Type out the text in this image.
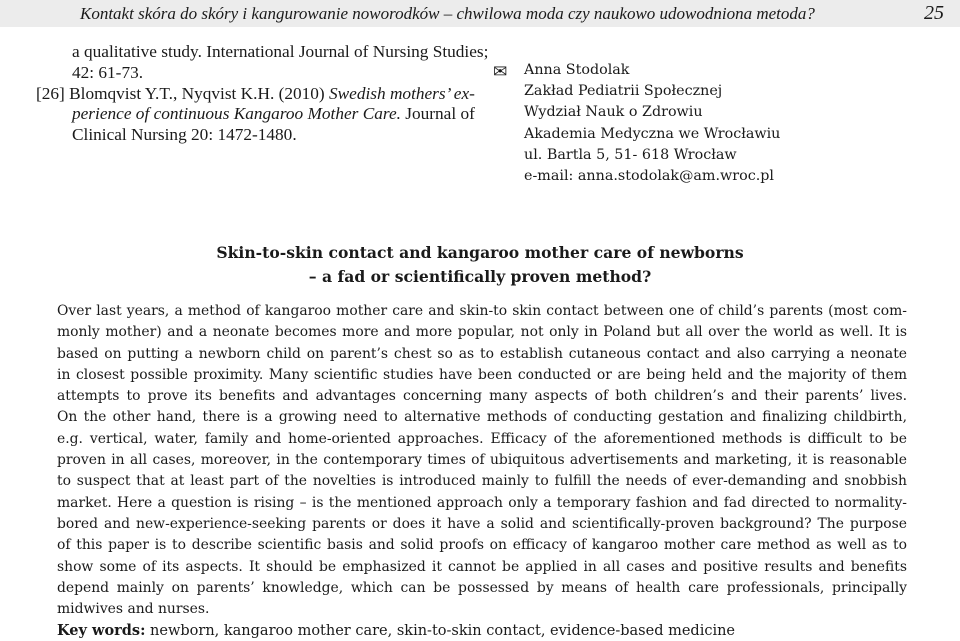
Kontakt skóra do skóry i kangurowanie noworodków – chwilowa moda czy naukowo udowodniona metoda?	25
a qualitative study. International Journal of Nursing Studies;
42: 61-73.
[26] Blomqvist Y.T., Nyqvist K.H. (2010) Swedish mothers’ ex-
perience of continuous Kangaroo Mother Care. Journal of
Clinical Nursing 20: 1472-1480.
✉ Anna Stodolak
Zakład Pediatrii Społecznej
Wydział Nauk o Zdrowiu
Akademia Medyczna we Wrocławiu
ul. Bartla 5, 51- 618 Wrocław
e-mail: anna.stodolak@am.wroc.pl
Skin-to-skin contact and kangaroo mother care of newborns
– a fad or scientifically proven method?
Over last years, a method of kangaroo mother care and skin-to skin contact between one of child’s parents (most com-
monly mother) and a neonate becomes more and more popular, not only in Poland but all over the world as well. It is
based on putting a newborn child on parent’s chest so as to establish cutaneous contact and also carrying a neonate
in closest possible proximity. Many scientific studies have been conducted or are being held and the majority of them
attempts to prove its benefits and advantages concerning many aspects of both children’s and their parents’ lives.
On the other hand, there is a growing need to alternative methods of conducting gestation and finalizing childbirth,
e.g. vertical, water, family and home-oriented approaches. Efficacy of the aforementioned methods is difficult to be
proven in all cases, moreover, in the contemporary times of ubiquitous advertisements and marketing, it is reasonable
to suspect that at least part of the novelties is introduced mainly to fulfill the needs of ever-demanding and snobbish
market. Here a question is rising – is the mentioned approach only a temporary fashion and fad directed to normality-
bored and new-experience-seeking parents or does it have a solid and scientifically-proven background? The purpose
of this paper is to describe scientific basis and solid proofs on efficacy of kangaroo mother care method as well as to
show some of its aspects. It should be emphasized it cannot be applied in all cases and positive results and benefits
depend mainly on parents’ knowledge, which can be possessed by means of health care professionals, principally
midwives and nurses.
Key words: newborn, kangaroo mother care, skin-to-skin contact, evidence-based medicine
